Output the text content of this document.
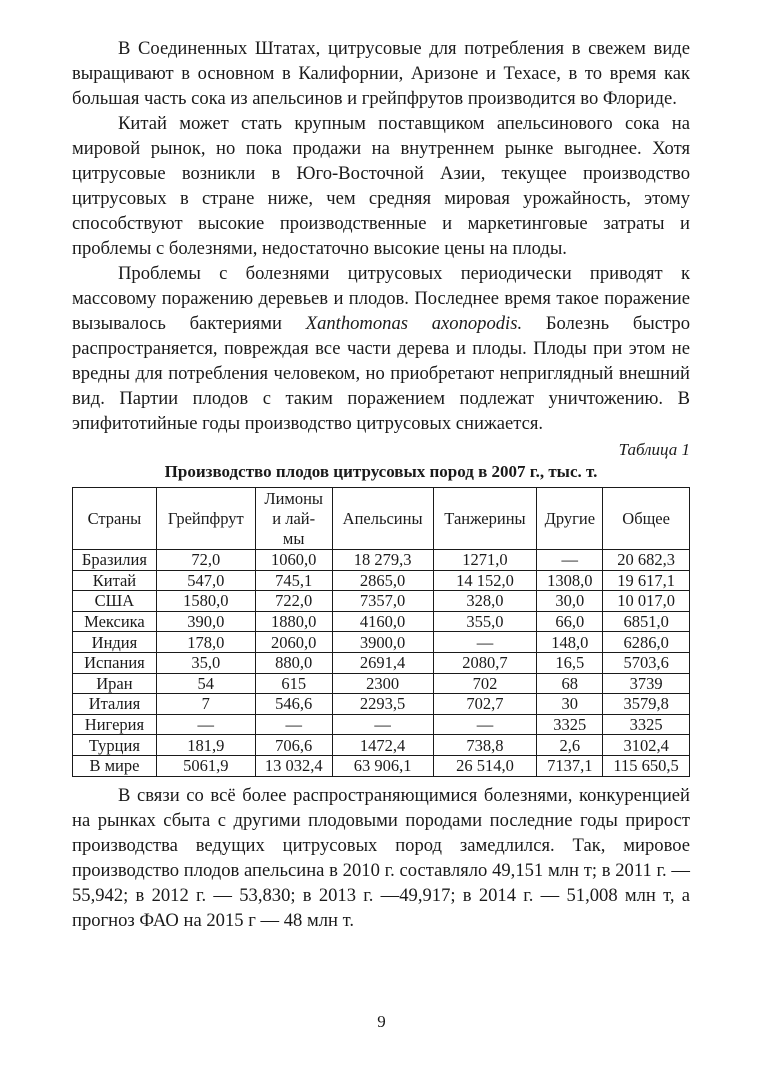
В Соединенных Штатах, цитрусовые для потребления в свежем виде выращивают в основном в Калифорнии, Аризоне и Техасе, в то время как большая часть сока из апельсинов и грейпфрутов производится во Флориде.

Китай может стать крупным поставщиком апельсинового сока на мировой рынок, но пока продажи на внутреннем рынке выгоднее. Хотя цитрусовые возникли в Юго-Восточной Азии, текущее производство цитрусовых в стране ниже, чем средняя мировая урожайность, этому способствуют высокие производственные и маркетинговые затраты и проблемы с болезнями, недостаточно высокие цены на плоды.

Проблемы с болезнями цитрусовых периодически приводят к массовому поражению деревьев и плодов. Последнее время такое поражение вызывалось бактериями Xanthomonas axonopodis. Болезнь быстро распространяется, повреждая все части дерева и плоды. Плоды при этом не вредны для потребления человеком, но приобретают неприглядный внешний вид. Партии плодов с таким поражением подлежат уничтожению. В эпифитотийные годы производство цитрусовых снижается.

Таблица 1
Производство плодов цитрусовых пород в 2007 г., тыс. т.
Страны	Грейпфрут	Лимоны и лай-мы	Апельсины	Танжерины	Другие	Общее
Бразилия	72,0	1060,0	18 279,3	1271,0	—	20 682,3
Китай	547,0	745,1	2865,0	14 152,0	1308,0	19 617,1
США	1580,0	722,0	7357,0	328,0	30,0	10 017,0
Мексика	390,0	1880,0	4160,0	355,0	66,0	6851,0
Индия	178,0	2060,0	3900,0	—	148,0	6286,0
Испания	35,0	880,0	2691,4	2080,7	16,5	5703,6
Иран	54	615	2300	702	68	3739
Италия	7	546,6	2293,5	702,7	30	3579,8
Нигерия	—	—	—	—	3325	3325
Турция	181,9	706,6	1472,4	738,8	2,6	3102,4
В мире	5061,9	13 032,4	63 906,1	26 514,0	7137,1	115 650,5

В связи со всё более распространяющимися болезнями, конкуренцией на рынках сбыта с другими плодовыми породами последние годы прирост производства ведущих цитрусовых пород замедлился. Так, мировое производство плодов апельсина в 2010 г. составляло 49,151 млн т; в 2011 г. —55,942; в 2012 г. — 53,830; в 2013 г. —49,917; в 2014 г. — 51,008 млн т, а прогноз ФАО на 2015 г — 48 млн т.

9
